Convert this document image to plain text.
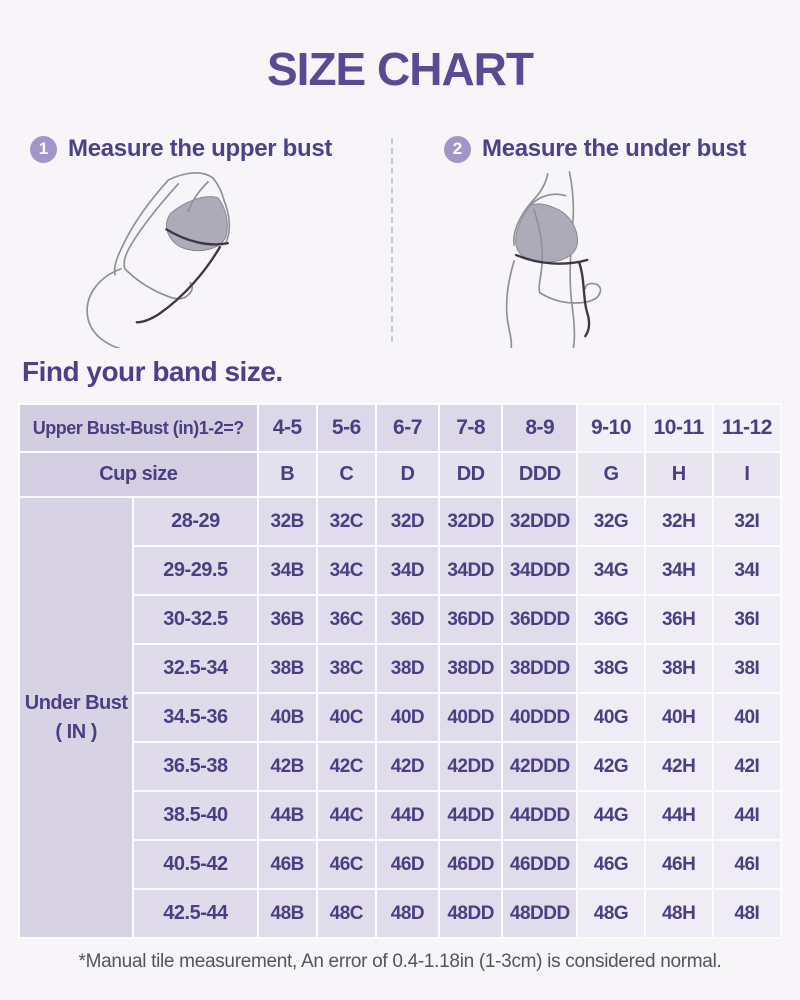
SIZE CHART
1 Measure the upper bust	2 Measure the under bust
Find your band size.
Upper Bust-Bust (in)1-2=?		4-5	5-6	6-7	7-8	8-9	9-10	10-11	11-12
Cup size		B	C	D	DD	DDD	G	H	I

Under Bust
( IN )	28-29	32B	32C	32D	32DD	32DDD	32G	32H	32I
	29-29.5	34B	34C	34D	34DD	34DDD	34G	34H	34I
	30-32.5	36B	36C	36D	36DD	36DDD	36G	36H	36I
	32.5-34	38B	38C	38D	38DD	38DDD	38G	38H	38I
	34.5-36	40B	40C	40D	40DD	40DDD	40G	40H	40I
	36.5-38	42B	42C	42D	42DD	42DDD	42G	42H	42I
	38.5-40	44B	44C	44D	44DD	44DDD	44G	44H	44I
	40.5-42	46B	46C	46D	46DD	46DDD	46G	46H	46I
	42.5-44	48B	48C	48D	48DD	48DDD	48G	48H	48I
*Manual tile measurement, An error of 0.4-1.18in (1-3cm) is considered normal.
